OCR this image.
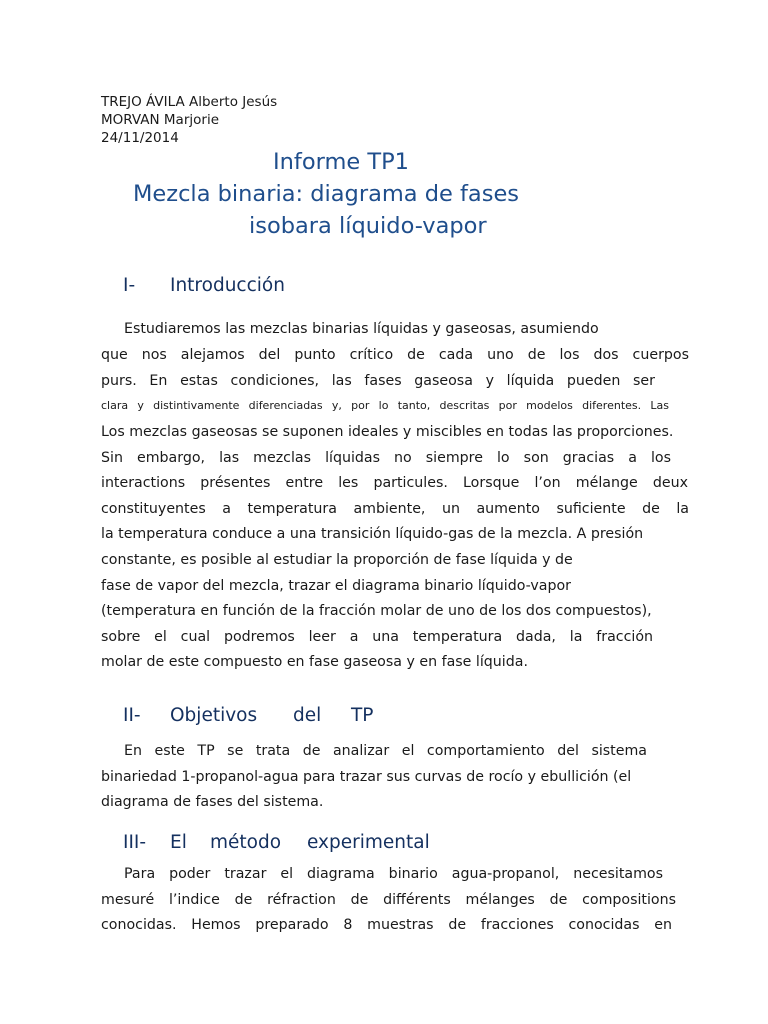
TREJO ÁVILA Alberto Jesús
MORVAN Marjorie
24/11/2014
Informe TP1
Mezcla binaria: diagrama de fases
isobara líquido-vapor
I- Introducción
Estudiaremos las mezclas binarias líquidas y gaseosas, asumiendo
que nos alejamos del punto crítico de cada uno de los dos cuerpos
purs. En estas condiciones, las fases gaseosa y líquida pueden ser
clara y distintivamente diferenciadas y, por lo tanto, descritas por modelos diferentes. Las
Los mezclas gaseosas se suponen ideales y miscibles en todas las proporciones.
Sin embargo, las mezclas líquidas no siempre lo son gracias a los
interactions présentes entre les particules. Lorsque l’on mélange deux
constituyentes a temperatura ambiente, un aumento suficiente de la
la temperatura conduce a una transición líquido-gas de la mezcla. A presión
constante, es posible al estudiar la proporción de fase líquida y de
fase de vapor del mezcla, trazar el diagrama binario líquido-vapor
(temperatura en función de la fracción molar de uno de los dos compuestos),
sobre el cual podremos leer a una temperatura dada, la fracción
molar de este compuesto en fase gaseosa y en fase líquida.
II- Objetivos del TP
En este TP se trata de analizar el comportamiento del sistema
binariedad 1-propanol-agua para trazar sus curvas de rocío y ebullición (el
diagrama de fases del sistema.
III- El método experimental
Para poder trazar el diagrama binario agua-propanol, necesitamos
mesuré l’indice de réfraction de différents mélanges de compositions
conocidas. Hemos preparado 8 muestras de fracciones conocidas en
